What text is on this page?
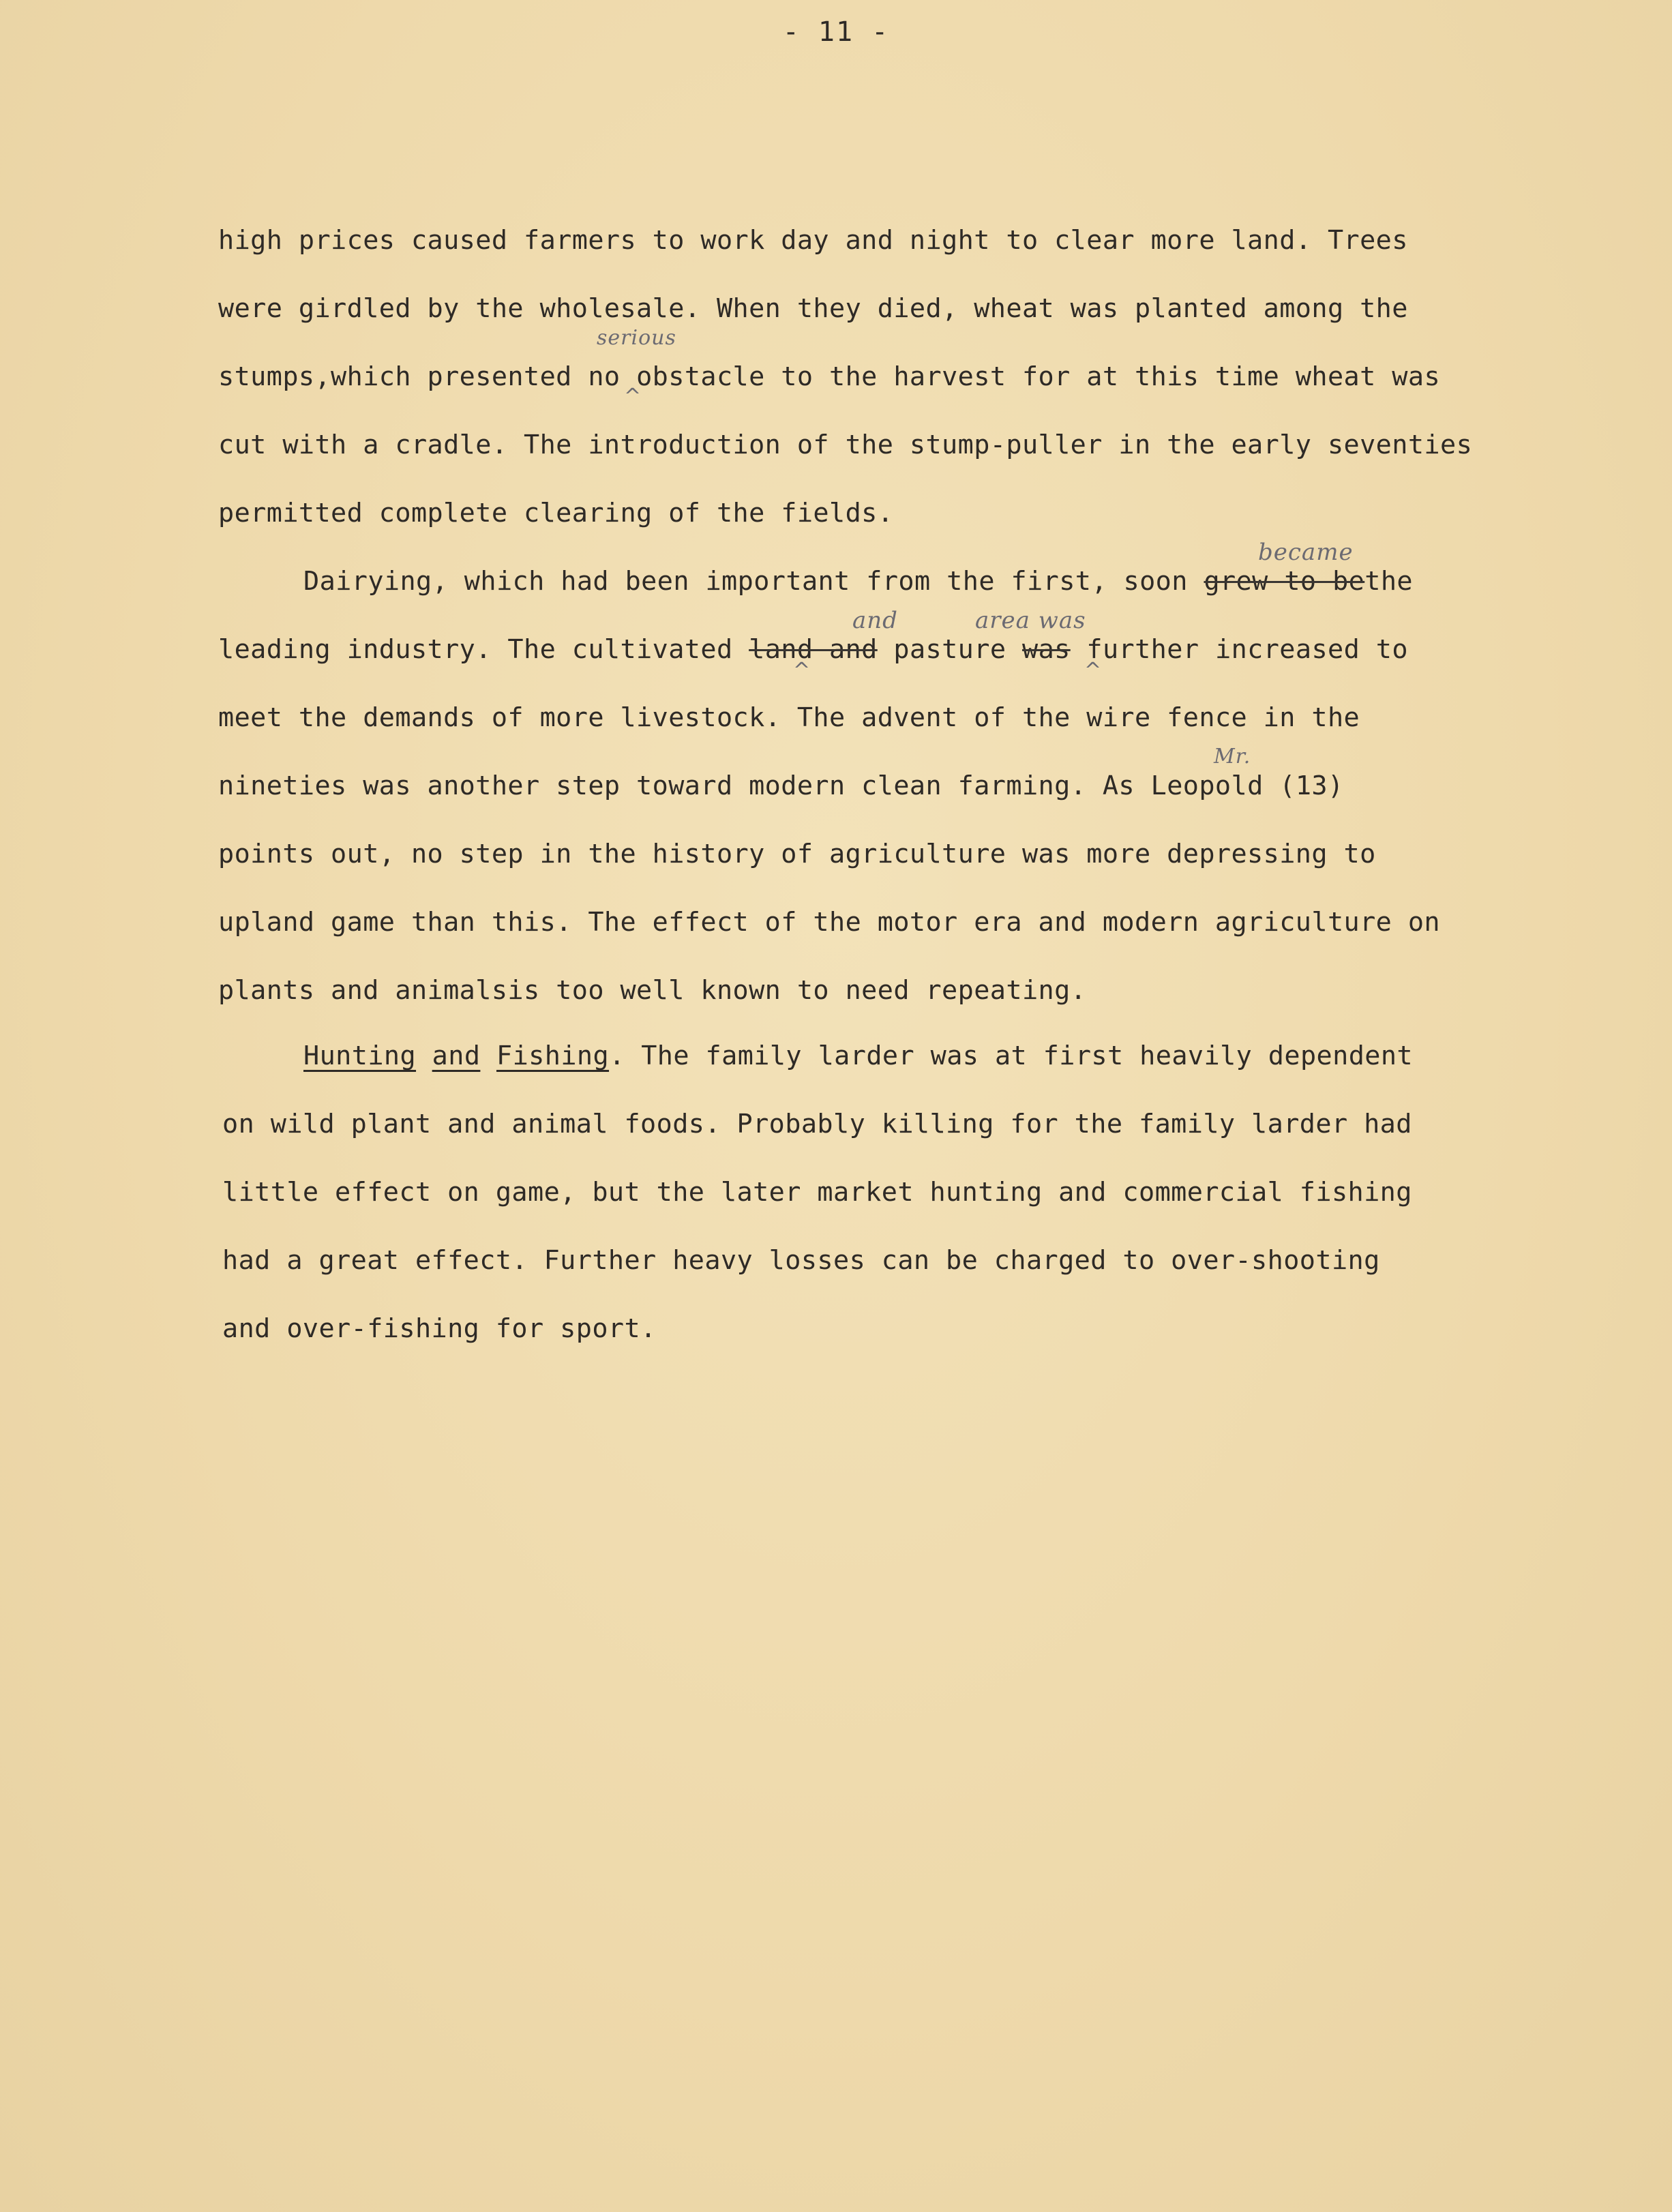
- 11 -
high prices caused farmers to work day and night to clear more land. Trees
were girdled by the wholesale. When they died, wheat was planted among the
stumps,which presented no obstacle to the harvest for at this time wheat was
serious
^
cut with a cradle. The introduction of the stump-puller in the early seventies
permitted complete clearing of the fields.
Dairying, which had been important from the first, soon grew to bethe
became
leading industry. The cultivated land and pasture was further increased to
and	area was
^	^
meet the demands of more livestock. The advent of the wire fence in the
nineties was another step toward modern clean farming. As Leopold (13)
Mr.
points out, no step in the history of agriculture was more depressing to
upland game than this. The effect of the motor era and modern agriculture on
plants and animalsis too well known to need repeating.
Hunting and Fishing. The family larder was at first heavily dependent
on wild plant and animal foods. Probably killing for the family larder had
little effect on game, but the later market hunting and commercial fishing
had a great effect. Further heavy losses can be charged to over-shooting
and over-fishing for sport.
